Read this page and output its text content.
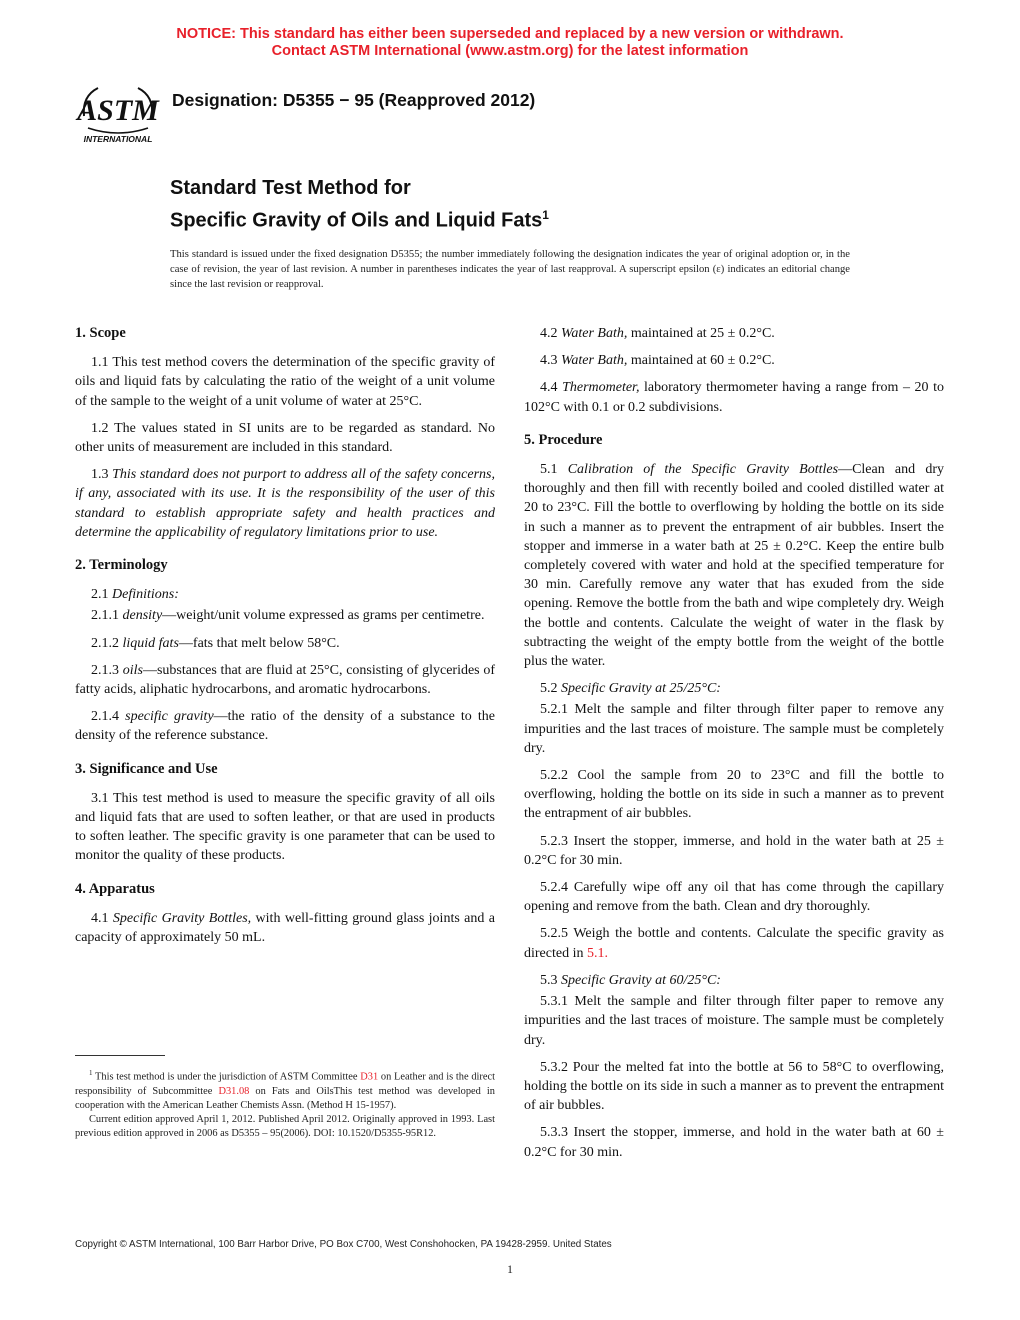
NOTICE: This standard has either been superseded and replaced by a new version or withdrawn.
Contact ASTM International (www.astm.org) for the latest information
ASTM
INTERNATIONAL
Designation: D5355 − 95 (Reapproved 2012)
Standard Test Method for
Specific Gravity of Oils and Liquid Fats$^1$
This standard is issued under the fixed designation D5355; the number immediately following the designation indicates the year of original adoption or, in the case of revision, the year of last revision. A number in parentheses indicates the year of last reapproval. A superscript epsilon (ε) indicates an editorial change since the last revision or reapproval.
1. Scope

1.1 This test method covers the determination of the specific gravity of oils and liquid fats by calculating the ratio of the weight of a unit volume of the sample to the weight of a unit volume of water at 25°C.

1.2 The values stated in SI units are to be regarded as standard. No other units of measurement are included in this standard.

1.3 This standard does not purport to address all of the safety concerns, if any, associated with its use. It is the responsibility of the user of this standard to establish appropriate safety and health practices and determine the applicability of regulatory limitations prior to use.

2. Terminology

2.1 Definitions:

2.1.1 density—weight/unit volume expressed as grams per centimetre.

2.1.2 liquid fats—fats that melt below 58°C.

2.1.3 oils—substances that are fluid at 25°C, consisting of glycerides of fatty acids, aliphatic hydrocarbons, and aromatic hydrocarbons.

2.1.4 specific gravity—the ratio of the density of a substance to the density of the reference substance.

3. Significance and Use

3.1 This test method is used to measure the specific gravity of all oils and liquid fats that are used to soften leather, or that are used in products to soften leather. The specific gravity is one parameter that can be used to monitor the quality of these products.

4. Apparatus

4.1 Specific Gravity Bottles, with well-fitting ground glass joints and a capacity of approximately 50 mL.

4.2 Water Bath, maintained at 25 ± 0.2°C.

4.3 Water Bath, maintained at 60 ± 0.2°C.

4.4 Thermometer, laboratory thermometer having a range from – 20 to 102°C with 0.1 or 0.2 subdivisions.

5. Procedure

5.1 Calibration of the Specific Gravity Bottles—Clean and dry thoroughly and then fill with recently boiled and cooled distilled water at 20 to 23°C. Fill the bottle to overflowing by holding the bottle on its side in such a manner as to prevent the entrapment of air bubbles. Insert the stopper and immerse in a water bath at 25 ± 0.2°C. Keep the entire bulb completely covered with water and hold at the specified temperature for 30 min. Carefully remove any water that has exuded from the side opening. Remove the bottle from the bath and wipe completely dry. Weigh the bottle and contents. Calculate the weight of water in the flask by subtracting the weight of the empty bottle from the weight of the bottle plus the water.

5.2 Specific Gravity at 25/25°C:

5.2.1 Melt the sample and filter through filter paper to remove any impurities and the last traces of moisture. The sample must be completely dry.

5.2.2 Cool the sample from 20 to 23°C and fill the bottle to overflowing, holding the bottle on its side in such a manner as to prevent the entrapment of air bubbles.

5.2.3 Insert the stopper, immerse, and hold in the water bath at 25 ± 0.2°C for 30 min.

5.2.4 Carefully wipe off any oil that has come through the capillary opening and remove from the bath. Clean and dry thoroughly.

5.2.5 Weigh the bottle and contents. Calculate the specific gravity as directed in 5.1.

5.3 Specific Gravity at 60/25°C:

5.3.1 Melt the sample and filter through filter paper to remove any impurities and the last traces of moisture. The sample must be completely dry.

5.3.2 Pour the melted fat into the bottle at 56 to 58°C to overflowing, holding the bottle on its side in such a manner as to prevent the entrapment of air bubbles.

5.3.3 Insert the stopper, immerse, and hold in the water bath at 60 ± 0.2°C for 30 min.

$^1$ This test method is under the jurisdiction of ASTM Committee D31 on Leather and is the direct responsibility of Subcommittee D31.08 on Fats and OilsThis test method was developed in cooperation with the American Leather Chemists Assn. (Method H 15-1957).

Current edition approved April 1, 2012. Published April 2012. Originally approved in 1993. Last previous edition approved in 2006 as D5355 – 95(2006). DOI: 10.1520/D5355-95R12.

Copyright © ASTM International, 100 Barr Harbor Drive, PO Box C700, West Conshohocken, PA 19428-2959. United States
1
